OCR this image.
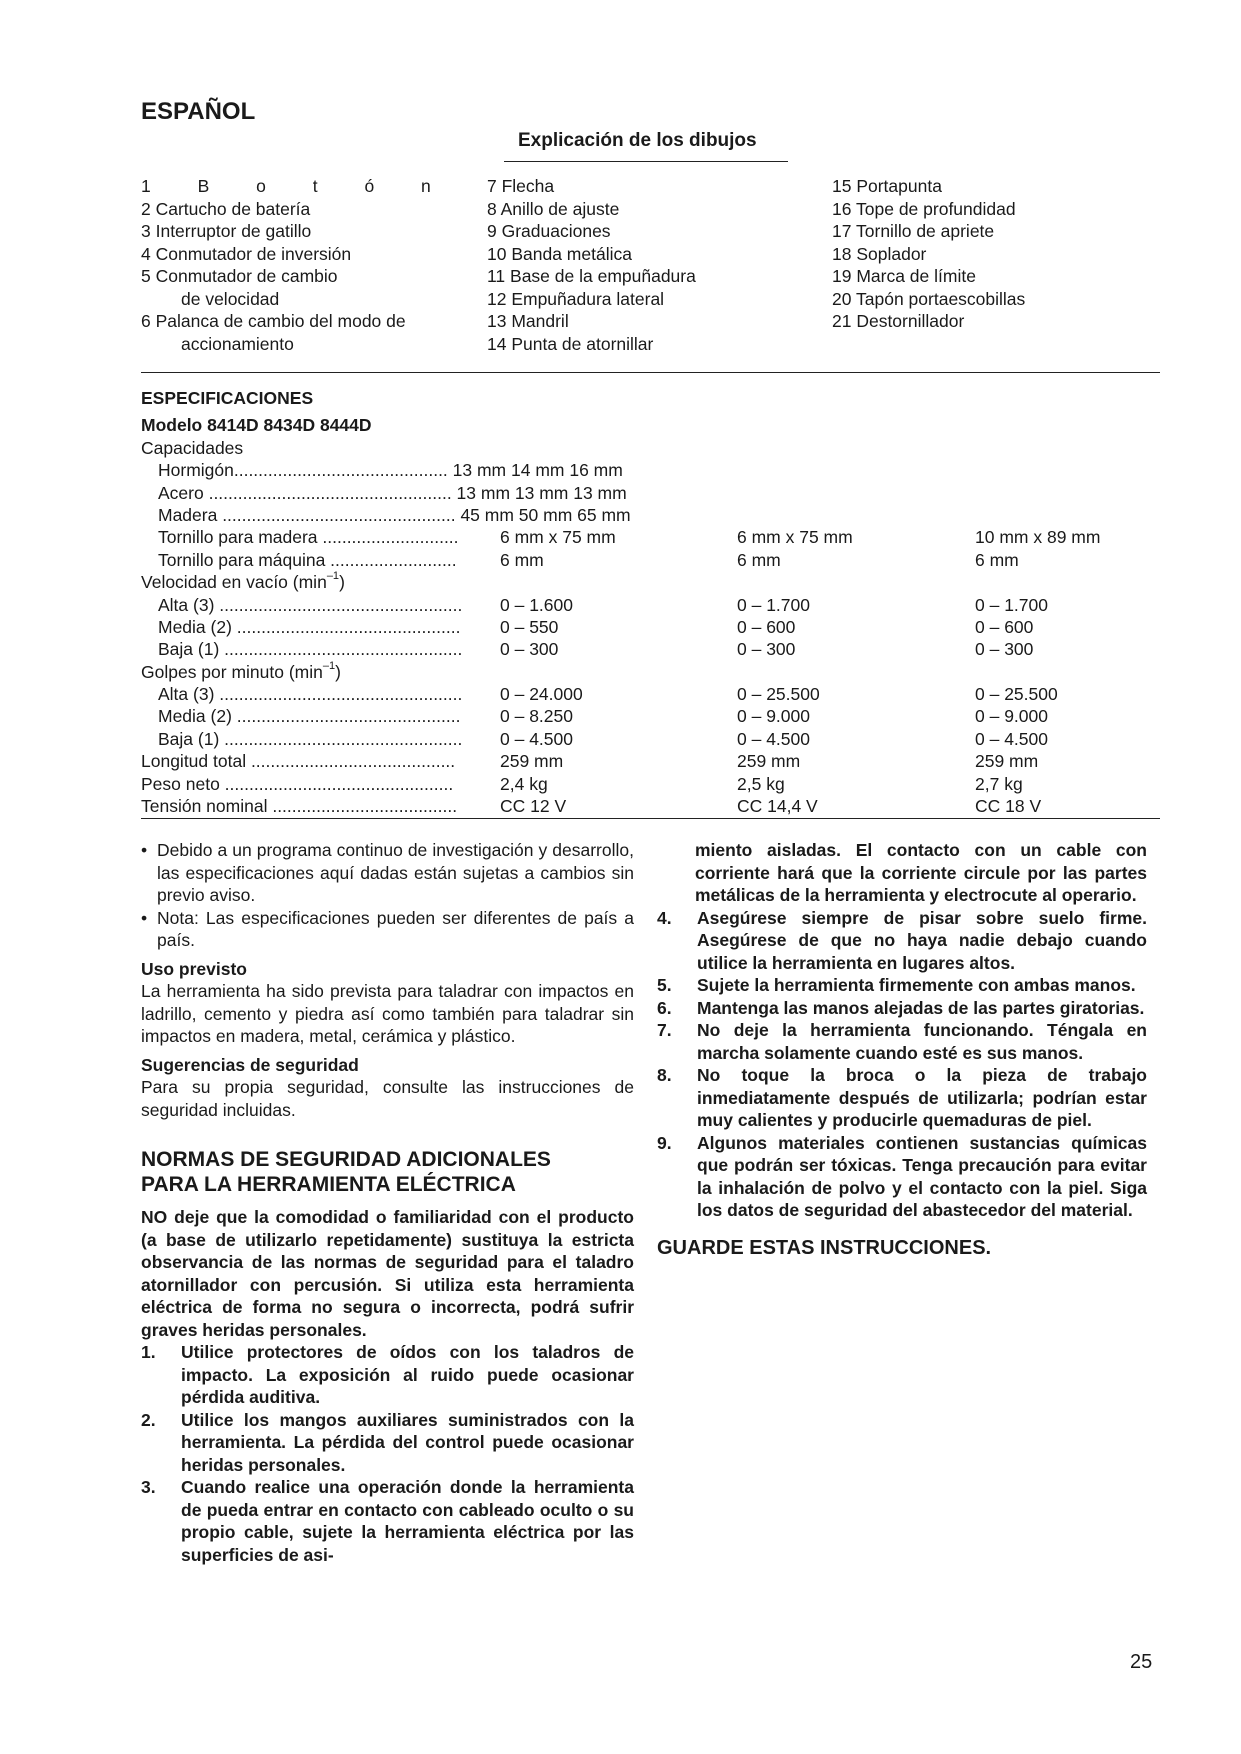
ESPAÑOL
Explicación de los dibujos
1 B o t ó n
2 Cartucho de batería
3 Interruptor de gatillo
4 Conmutador de inversión
5 Conmutador de cambio
de velocidad
6 Palanca de cambio del modo de
accionamiento
7 Flecha
8 Anillo de ajuste
9 Graduaciones
10 Banda metálica
11 Base de la empuñadura
12 Empuñadura lateral
13 Mandril
14 Punta de atornillar
15 Portapunta
16 Tope de profundidad
17 Tornillo de apriete
18 Soplador
19 Marca de límite
20 Tapón portaescobillas
21 Destornillador
ESPECIFICACIONES
Modelo 8414D 8434D 8444D
Capacidades
Hormigón............................................ 13 mm 14 mm 16 mm
Acero .................................................. 13 mm 13 mm 13 mm
Madera ................................................ 45 mm 50 mm 65 mm
Tornillo para madera ............................ 6 mm x 75 mm	6 mm x 75 mm	10 mm x 89 mm
Tornillo para máquina .......................... 6 mm	6 mm	6 mm
Velocidad en vacío $(\min^{-1})$
Alta (3) .................................................. 0 – 1.600	0 – 1.700	0 – 1.700
Media (2) .............................................. 0 – 550	0 – 600	0 – 600
Baja (1) ................................................. 0 – 300	0 – 300	0 – 300
Golpes por minuto $(\min^{-1})$
Alta (3) .................................................. 0 – 24.000	0 – 25.500	0 – 25.500
Media (2) .............................................. 0 – 8.250	0 – 9.000	0 – 9.000
Baja (1) ................................................. 0 – 4.500	0 – 4.500	0 – 4.500
Longitud total ..........................................	259 mm	259 mm	259 mm
Peso neto ...............................................	2,4 kg	2,5 kg	2,7 kg
Tensión nominal ...................................... CC 12 V	CC 14,4 V	CC 18 V
• Debido a un programa continuo de investigación y desarrollo, las especificaciones aquí dadas están sujetas a cambios sin previo aviso.
• Nota: Las especificaciones pueden ser diferentes de país a país.

Uso previsto

La herramienta ha sido prevista para taladrar con impactos en ladrillo, cemento y piedra así como también para taladrar sin impactos en madera, metal, cerámica y plástico.

Sugerencias de seguridad

Para su propia seguridad, consulte las instrucciones de seguridad incluidas.

NORMAS DE SEGURIDAD ADICIONALES

PARA LA HERRAMIENTA ELÉCTRICA

NO deje que la comodidad o familiaridad con el producto (a base de utilizarlo repetidamente) sustituya la estricta observancia de las normas de seguridad para el taladro atornillador con percusión. Si utiliza esta herramienta eléctrica de forma no segura o incorrecta, podrá sufrir graves heridas personales.

1. Utilice protectores de oídos con los taladros de impacto. La exposición al ruido puede ocasionar pérdida auditiva.
2. Utilice los mangos auxiliares suministrados con la herramienta. La pérdida del control puede ocasionar heridas personales.
3. Cuando realice una operación donde la herramienta de pueda entrar en contacto con cableado oculto o su propio cable, sujete la herramienta eléctrica por las superficies de asi-

miento aisladas. El contacto con un cable con corriente hará que la corriente circule por las partes metálicas de la herramienta y electrocute al operario.

4. Asegúrese siempre de pisar sobre suelo firme. Asegúrese de que no haya nadie debajo cuando utilice la herramienta en lugares altos.
5. Sujete la herramienta firmemente con ambas manos.
6. Mantenga las manos alejadas de las partes giratorias.
7. No deje la herramienta funcionando. Téngala en marcha solamente cuando esté es sus manos.
8. No toque la broca o la pieza de trabajo inmediatamente después de utilizarla; podrían estar muy calientes y producirle quemaduras de piel.
9. Algunos materiales contienen sustancias químicas que podrán ser tóxicas. Tenga precaución para evitar la inhalación de polvo y el contacto con la piel. Siga los datos de seguridad del abastecedor del material.

GUARDE ESTAS INSTRUCCIONES.

25
